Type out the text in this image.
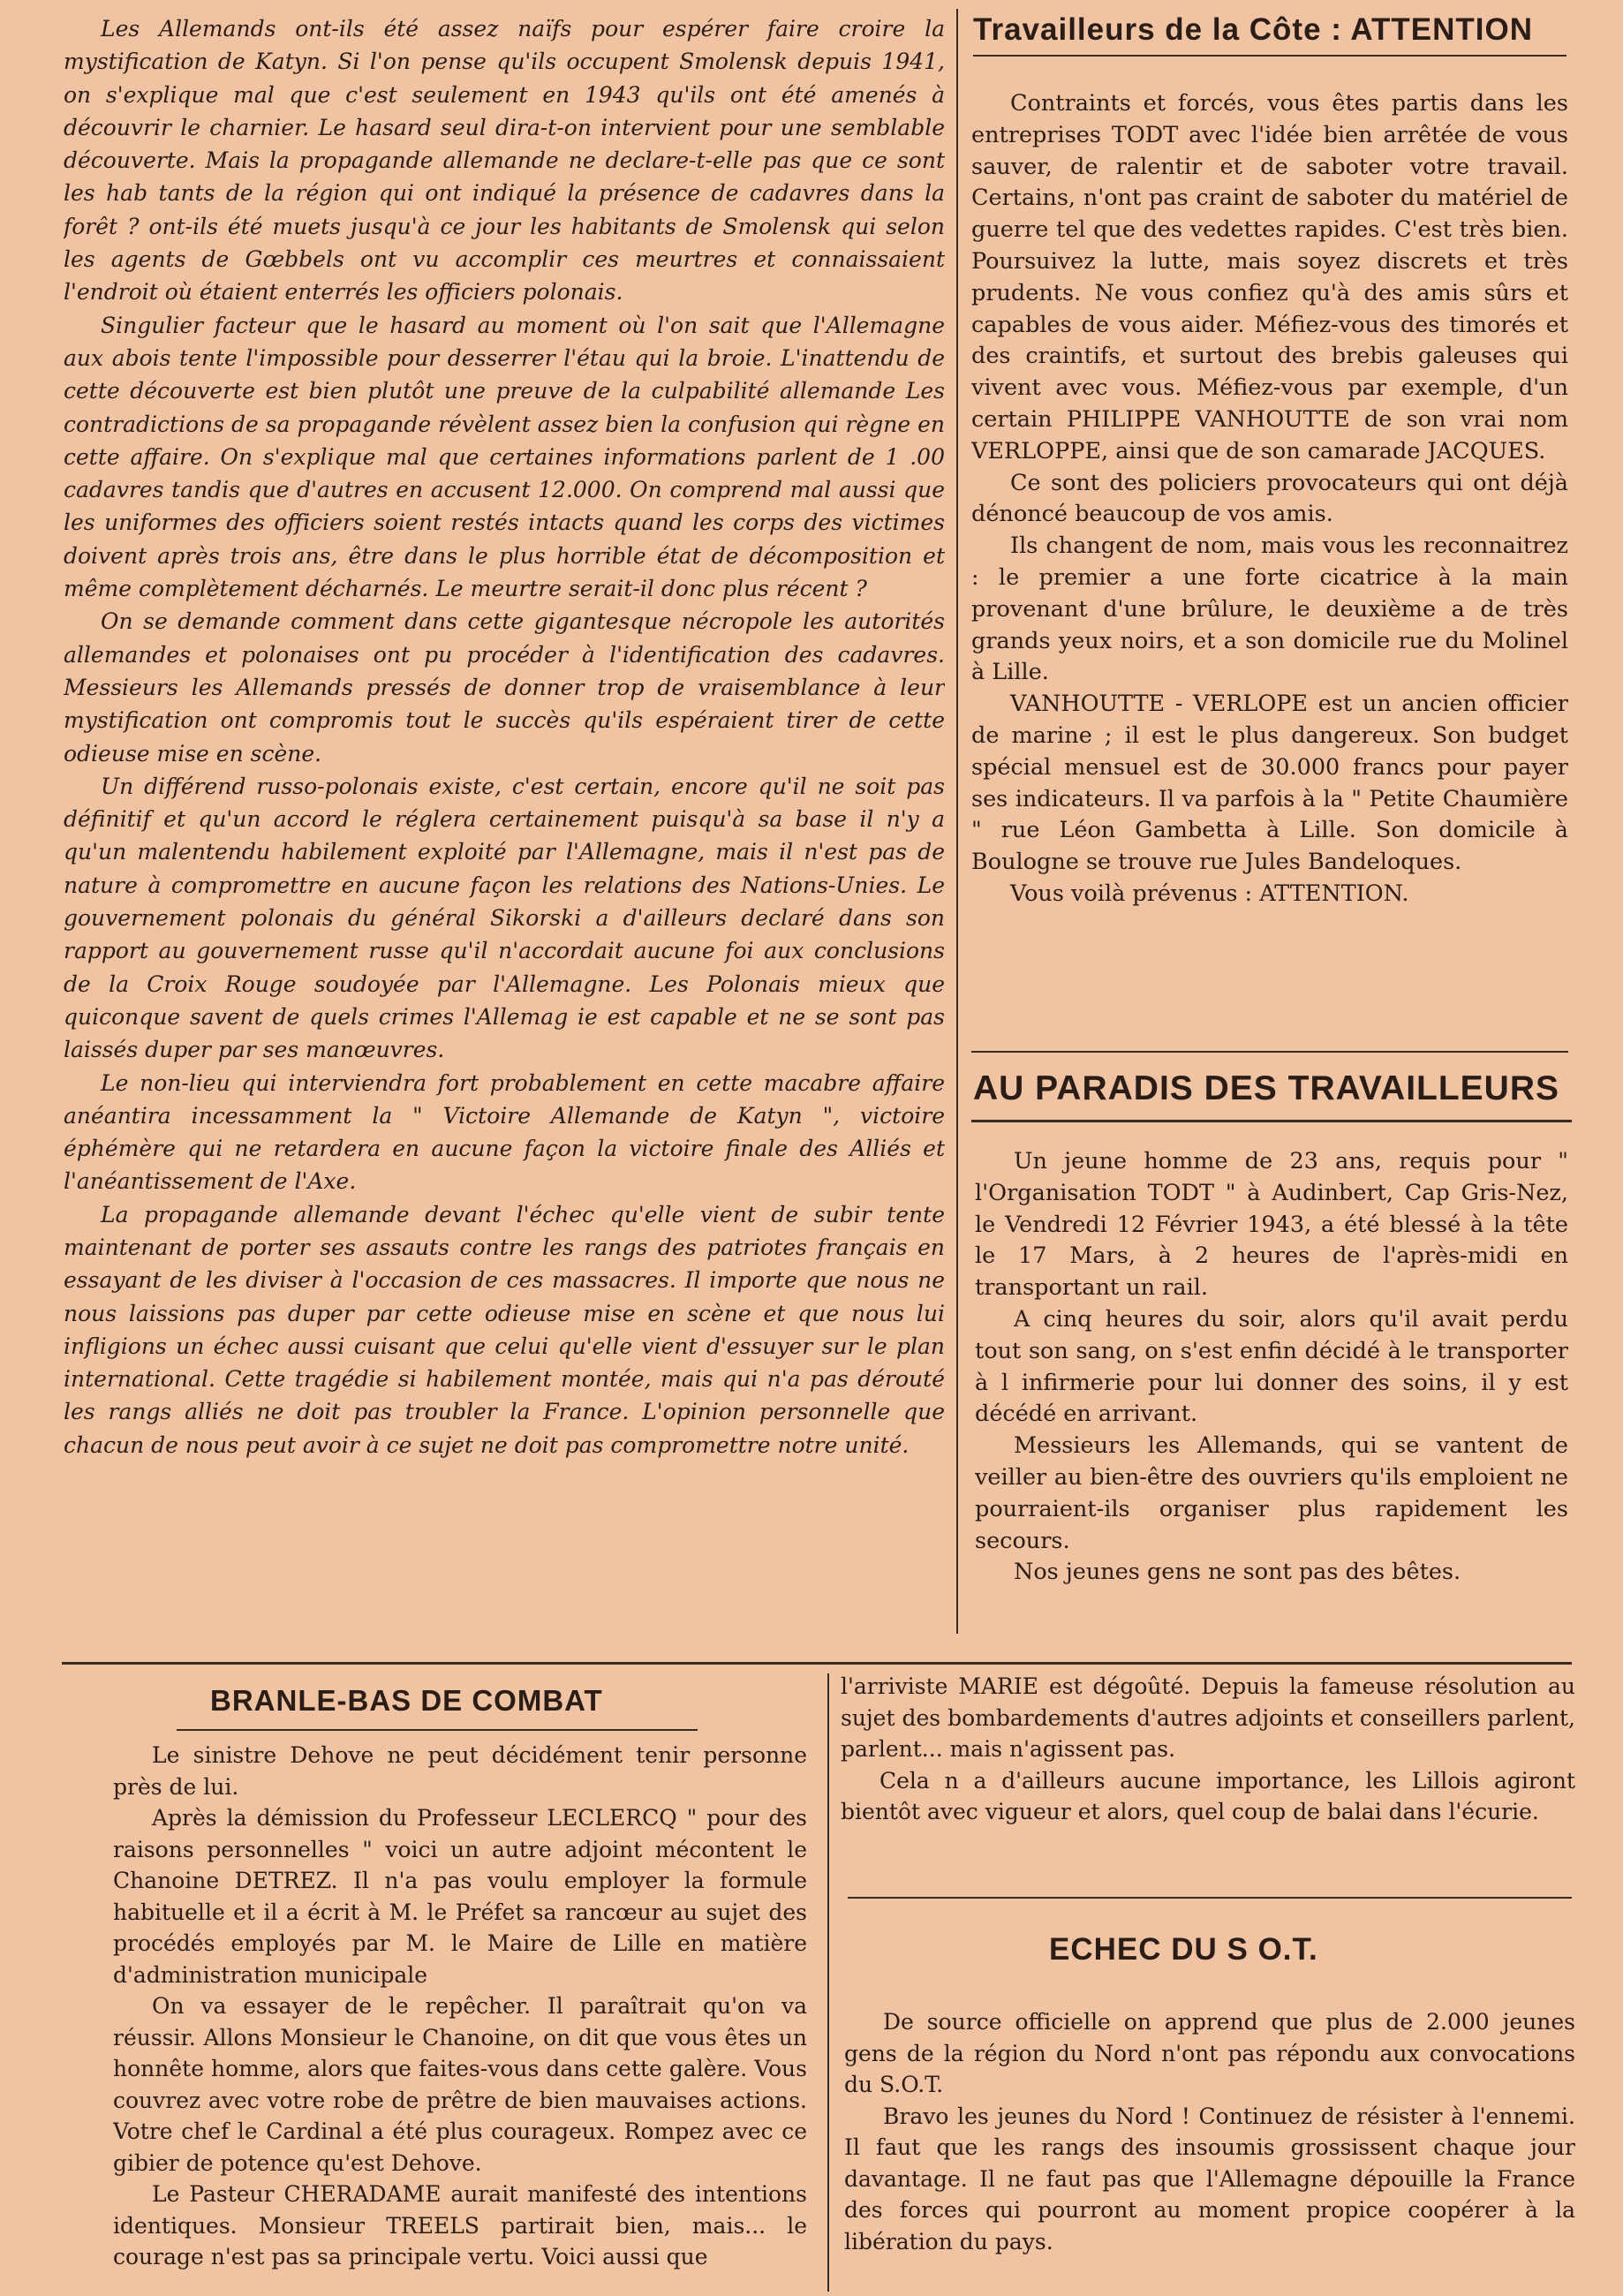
Les Allemands ont-ils été assez naïfs pour espérer faire croire la mystification de Katyn. Si l'on pense qu'ils occupent Smolensk depuis 1941, on s'explique mal que c'est seulement en 1943 qu'ils ont été amenés à découvrir le charnier. Le hasard seul dira-t-on intervient pour une semblable découverte. Mais la propagande allemande ne declare-t-elle pas que ce sont les hab tants de la région qui ont indiqué la présence de cadavres dans la forêt ? ont-ils été muets jusqu'à ce jour les habitants de Smolensk qui selon les agents de Gœbbels ont vu accomplir ces meurtres et connaissaient l'endroit où étaient enterrés les officiers polonais.

Singulier facteur que le hasard au moment où l'on sait que l'Allemagne aux abois tente l'impossible pour desserrer l'étau qui la broie. L'inattendu de cette découverte est bien plutôt une preuve de la culpabilité allemande Les contradictions de sa propagande révèlent assez bien la confusion qui règne en cette affaire. On s'explique mal que certaines informations parlent de 1 .00 cadavres tandis que d'autres en accusent 12.000. On comprend mal aussi que les uniformes des officiers soient restés intacts quand les corps des victimes doivent après trois ans, être dans le plus horrible état de décomposition et même complètement décharnés. Le meurtre serait-il donc plus récent ?

On se demande comment dans cette gigantesque nécropole les autorités allemandes et polonaises ont pu procéder à l'identification des cadavres. Messieurs les Allemands pressés de donner trop de vraisemblance à leur mystification ont compromis tout le succès qu'ils espéraient tirer de cette odieuse mise en scène.

Un différend russo-polonais existe, c'est certain, encore qu'il ne soit pas définitif et qu'un accord le réglera certainement puisqu'à sa base il n'y a qu'un malentendu habilement exploité par l'Allemagne, mais il n'est pas de nature à compromettre en aucune façon les relations des Nations-Unies. Le gouvernement polonais du général Sikorski a d'ailleurs declaré dans son rapport au gouvernement russe qu'il n'accordait aucune foi aux conclusions de la Croix Rouge soudoyée par l'Allemagne. Les Polonais mieux que quiconque savent de quels crimes l'Allemag ie est capable et ne se sont pas laissés duper par ses manœuvres.

Le non-lieu qui interviendra fort probablement en cette macabre affaire anéantira incessamment la " Victoire Allemande de Katyn ", victoire éphémère qui ne retardera en aucune façon la victoire finale des Alliés et l'anéantissement de l'Axe.

La propagande allemande devant l'échec qu'elle vient de subir tente maintenant de porter ses assauts contre les rangs des patriotes français en essayant de les diviser à l'occasion de ces massacres. Il importe que nous ne nous laissions pas duper par cette odieuse mise en scène et que nous lui infligions un échec aussi cuisant que celui qu'elle vient d'essuyer sur le plan international. Cette tragédie si habilement montée, mais qui n'a pas dérouté les rangs alliés ne doit pas troubler la France. L'opinion personnelle que chacun de nous peut avoir à ce sujet ne doit pas compromettre notre unité.

Travailleurs de la Côte : ATTENTION

Contraints et forcés, vous êtes partis dans les entreprises TODT avec l'idée bien arrêtée de vous sauver, de ralentir et de saboter votre travail. Certains, n'ont pas craint de saboter du matériel de guerre tel que des vedettes rapides. C'est très bien. Poursuivez la lutte, mais soyez discrets et très prudents. Ne vous confiez qu'à des amis sûrs et capables de vous aider. Méfiez-vous des timorés et des craintifs, et surtout des brebis galeuses qui vivent avec vous. Méfiez-vous par exemple, d'un certain PHILIPPE VANHOUTTE de son vrai nom VERLOPPE, ainsi que de son camarade JACQUES.

Ce sont des policiers provocateurs qui ont déjà dénoncé beaucoup de vos amis.

Ils changent de nom, mais vous les reconnaitrez : le premier a une forte cicatrice à la main provenant d'une brûlure, le deuxième a de très grands yeux noirs, et a son domicile rue du Molinel à Lille.

VANHOUTTE - VERLOPE est un ancien officier de marine ; il est le plus dangereux. Son budget spécial mensuel est de 30.000 francs pour payer ses indicateurs. Il va parfois à la " Petite Chaumière " rue Léon Gambetta à Lille. Son domicile à Boulogne se trouve rue Jules Bandeloques.

Vous voilà prévenus : ATTENTION.

AU PARADIS DES TRAVAILLEURS

Un jeune homme de 23 ans, requis pour " l'Organisation TODT " à Audinbert, Cap Gris-Nez, le Vendredi 12 Février 1943, a été blessé à la tête le 17 Mars, à 2 heures de l'après-midi en transportant un rail.

A cinq heures du soir, alors qu'il avait perdu tout son sang, on s'est enfin décidé à le transporter à l infirmerie pour lui donner des soins, il y est décédé en arrivant.

Messieurs les Allemands, qui se vantent de veiller au bien-être des ouvriers qu'ils emploient ne pourraient-ils organiser plus rapidement les secours.

Nos jeunes gens ne sont pas des bêtes.

BRANLE-BAS DE COMBAT

Le sinistre Dehove ne peut décidément tenir personne près de lui.

Après la démission du Professeur LECLERCQ " pour des raisons personnelles " voici un autre adjoint mécontent le Chanoine DETREZ. Il n'a pas voulu employer la formule habituelle et il a écrit à M. le Préfet sa rancœur au sujet des procédés employés par M. le Maire de Lille en matière d'administration municipale

On va essayer de le repêcher. Il paraîtrait qu'on va réussir. Allons Monsieur le Chanoine, on dit que vous êtes un honnête homme, alors que faites-vous dans cette galère. Vous couvrez avec votre robe de prêtre de bien mauvaises actions. Votre chef le Cardinal a été plus courageux. Rompez avec ce gibier de potence qu'est Dehove.

Le Pasteur CHERADAME aurait manifesté des intentions identiques. Monsieur TREELS partirait bien, mais... le courage n'est pas sa principale vertu. Voici aussi que

l'arriviste MARIE est dégoûté. Depuis la fameuse résolution au sujet des bombardements d'autres adjoints et conseillers parlent, parlent... mais n'agissent pas.

Cela n a d'ailleurs aucune importance, les Lillois agiront bientôt avec vigueur et alors, quel coup de balai dans l'écurie.

ECHEC DU S O.T.

De source officielle on apprend que plus de 2.000 jeunes gens de la région du Nord n'ont pas répondu aux convocations du S.O.T.

Bravo les jeunes du Nord ! Continuez de résister à l'ennemi. Il faut que les rangs des insoumis grossissent chaque jour davantage. Il ne faut pas que l'Allemagne dépouille la France des forces qui pourront au moment propice coopérer à la libération du pays.
